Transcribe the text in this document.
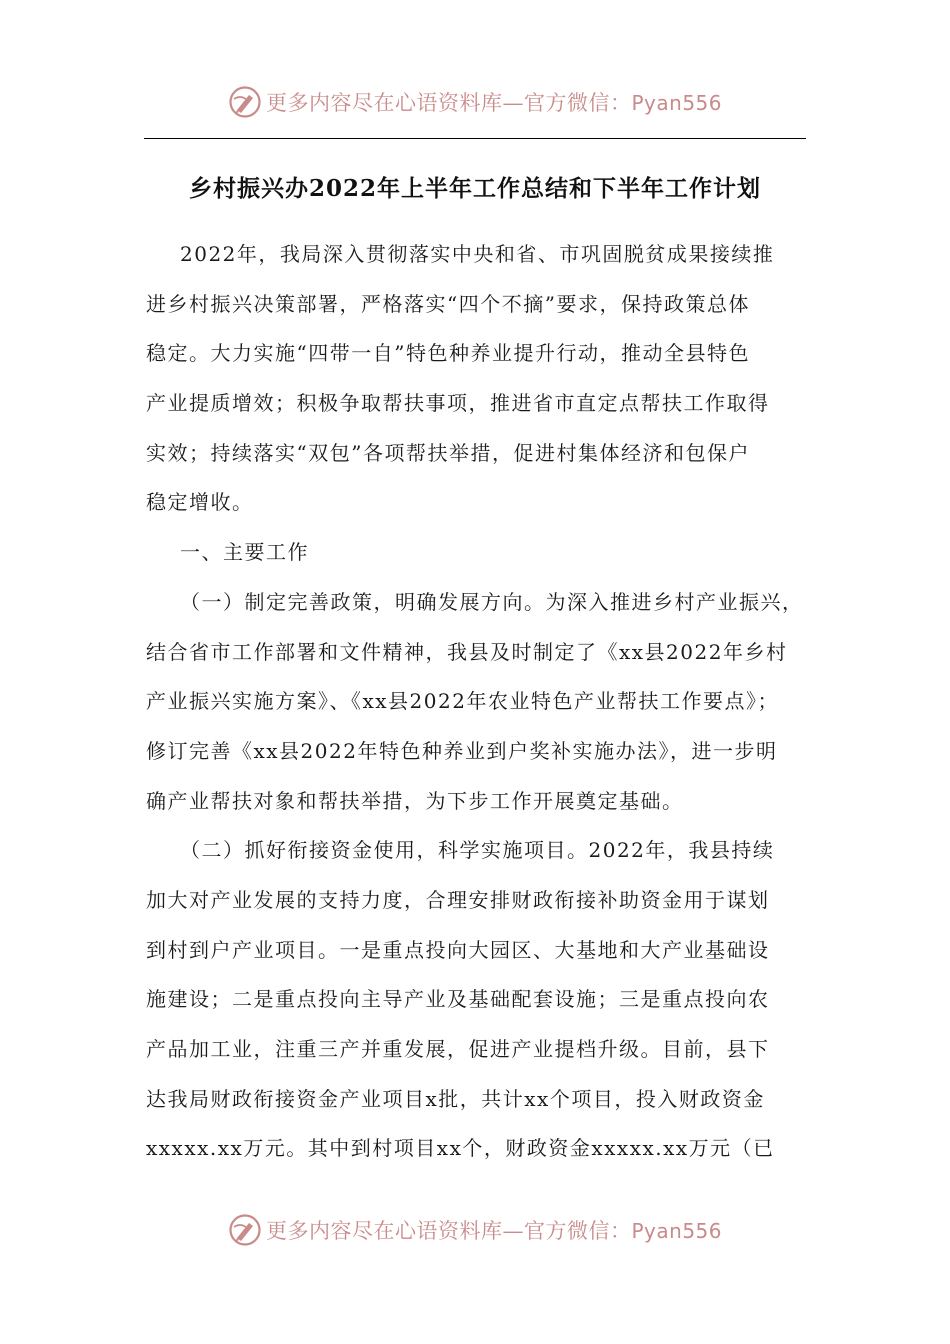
更多内容尽在心语资料库—官方微信：Pyan556
乡村振兴办2022年上半年工作总结和下半年工作计划
2022年，我局深入贯彻落实中央和省、市巩固脱贫成果接续推
进乡村振兴决策部署，严格落实“四个不摘”要求，保持政策总体
稳定。大力实施“四带一自”特色种养业提升行动，推动全县特色
产业提质增效；积极争取帮扶事项，推进省市直定点帮扶工作取得
实效；持续落实“双包”各项帮扶举措，促进村集体经济和包保户
稳定增收。
一、主要工作
（一）制定完善政策，明确发展方向。为深入推进乡村产业振兴，
结合省市工作部署和文件精神，我县及时制定了《xx县2022年乡村
产业振兴实施方案》、《xx县2022年农业特色产业帮扶工作要点》；
修订完善《xx县2022年特色种养业到户奖补实施办法》，进一步明
确产业帮扶对象和帮扶举措，为下步工作开展奠定基础。
（二）抓好衔接资金使用，科学实施项目。2022年，我县持续
加大对产业发展的支持力度，合理安排财政衔接补助资金用于谋划
到村到户产业项目。一是重点投向大园区、大基地和大产业基础设
施建设；二是重点投向主导产业及基础配套设施；三是重点投向农
产品加工业，注重三产并重发展，促进产业提档升级。目前，县下
达我局财政衔接资金产业项目x批，共计xx个项目，投入财政资金
xxxxx.xx万元。其中到村项目xx个，财政资金xxxxx.xx万元（已
更多内容尽在心语资料库—官方微信：Pyan556
